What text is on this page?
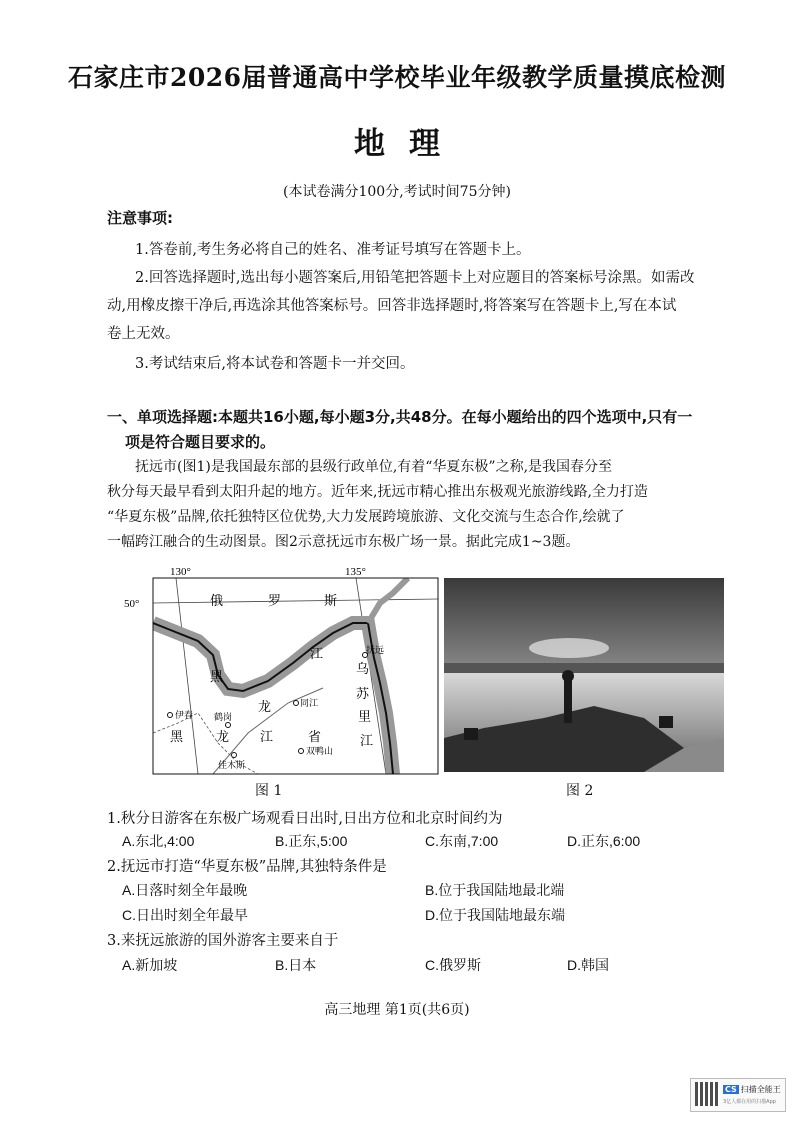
石家庄市2026届普通高中学校毕业年级教学质量摸底检测
地理
(本试卷满分100分,考试时间75分钟)
注意事项:
1.答卷前,考生务必将自己的姓名、准考证号填写在答题卡上。
2.回答选择题时,选出每小题答案后,用铅笔把答题卡上对应题目的答案标号涂黑。如需改
动,用橡皮擦干净后,再选涂其他答案标号。回答非选择题时,将答案写在答题卡上,写在本试
卷上无效。
3.考试结束后,将本试卷和答题卡一并交回。
一、单项选择题:本题共16小题,每小题3分,共48分。在每小题给出的四个选项中,只有一
项是符合题目要求的。
抚远市(图1)是我国最东部的县级行政单位,有着“华夏东极”之称,是我国春分至
秋分每天最早看到太阳升起的地方。近年来,抚远市精心推出东极观光旅游线路,全力打造
“华夏东极”品牌,依托独特区位优势,大力发展跨境旅游、文化交流与生态合作,绘就了
一幅跨江融合的生动图景。图2示意抚远市东极广场一景。据此完成1~3题。
130°	135°
50°	俄	罗	斯
黑
龙
江
乌
苏
里
江
黑	龙 江	省
抚远
同江
伊春 鹤岗
双鸭山
佳木斯
图 1	图 2
1.秋分日游客在东极广场观看日出时,日出方位和北京时间约为
A.东北,4:00	B.正东,5:00	C.东南,7:00	D.正东,6:00
2.抚远市打造“华夏东极”品牌,其独特条件是
A.日落时刻全年最晚	B.位于我国陆地最北端
C.日出时刻全年最早	D.位于我国陆地最东端
3.来抚远旅游的国外游客主要来自于
A.新加坡	B.日本	C.俄罗斯	D.韩国
高三地理 第1页(共6页)
CS 扫描全能王
3亿人都在用的扫描App
